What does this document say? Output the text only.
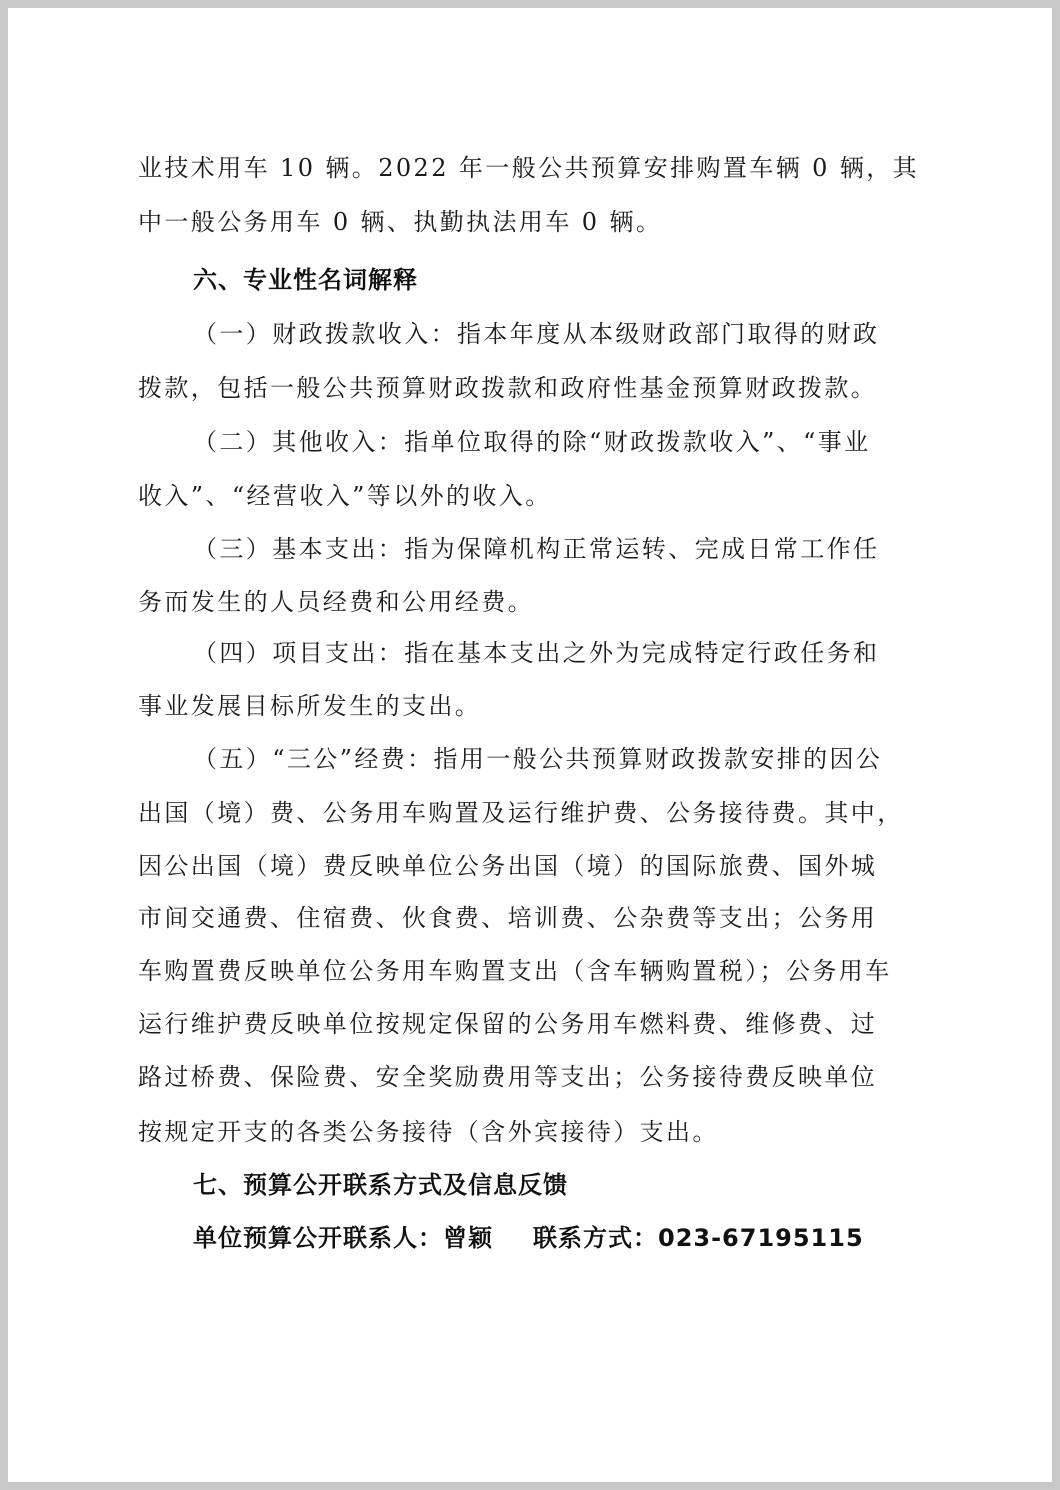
业技术用车 10 辆。2022 年一般公共预算安排购置车辆 0 辆，其
中一般公务用车 0 辆、执勤执法用车 0 辆。
六、专业性名词解释
（一）财政拨款收入：指本年度从本级财政部门取得的财政
拨款，包括一般公共预算财政拨款和政府性基金预算财政拨款。
（二）其他收入：指单位取得的除“财政拨款收入”、“事业
收入”、“经营收入”等以外的收入。
（三）基本支出：指为保障机构正常运转、完成日常工作任
务而发生的人员经费和公用经费。
（四）项目支出：指在基本支出之外为完成特定行政任务和
事业发展目标所发生的支出。
（五）“三公”经费：指用一般公共预算财政拨款安排的因公
出国（境）费、公务用车购置及运行维护费、公务接待费。其中，
因公出国（境）费反映单位公务出国（境）的国际旅费、国外城
市间交通费、住宿费、伙食费、培训费、公杂费等支出；公务用
车购置费反映单位公务用车购置支出（含车辆购置税）；公务用车
运行维护费反映单位按规定保留的公务用车燃料费、维修费、过
路过桥费、保险费、安全奖励费用等支出；公务接待费反映单位
按规定开支的各类公务接待（含外宾接待）支出。
七、预算公开联系方式及信息反馈
单位预算公开联系人：曾颖 联系方式：023-67195115
